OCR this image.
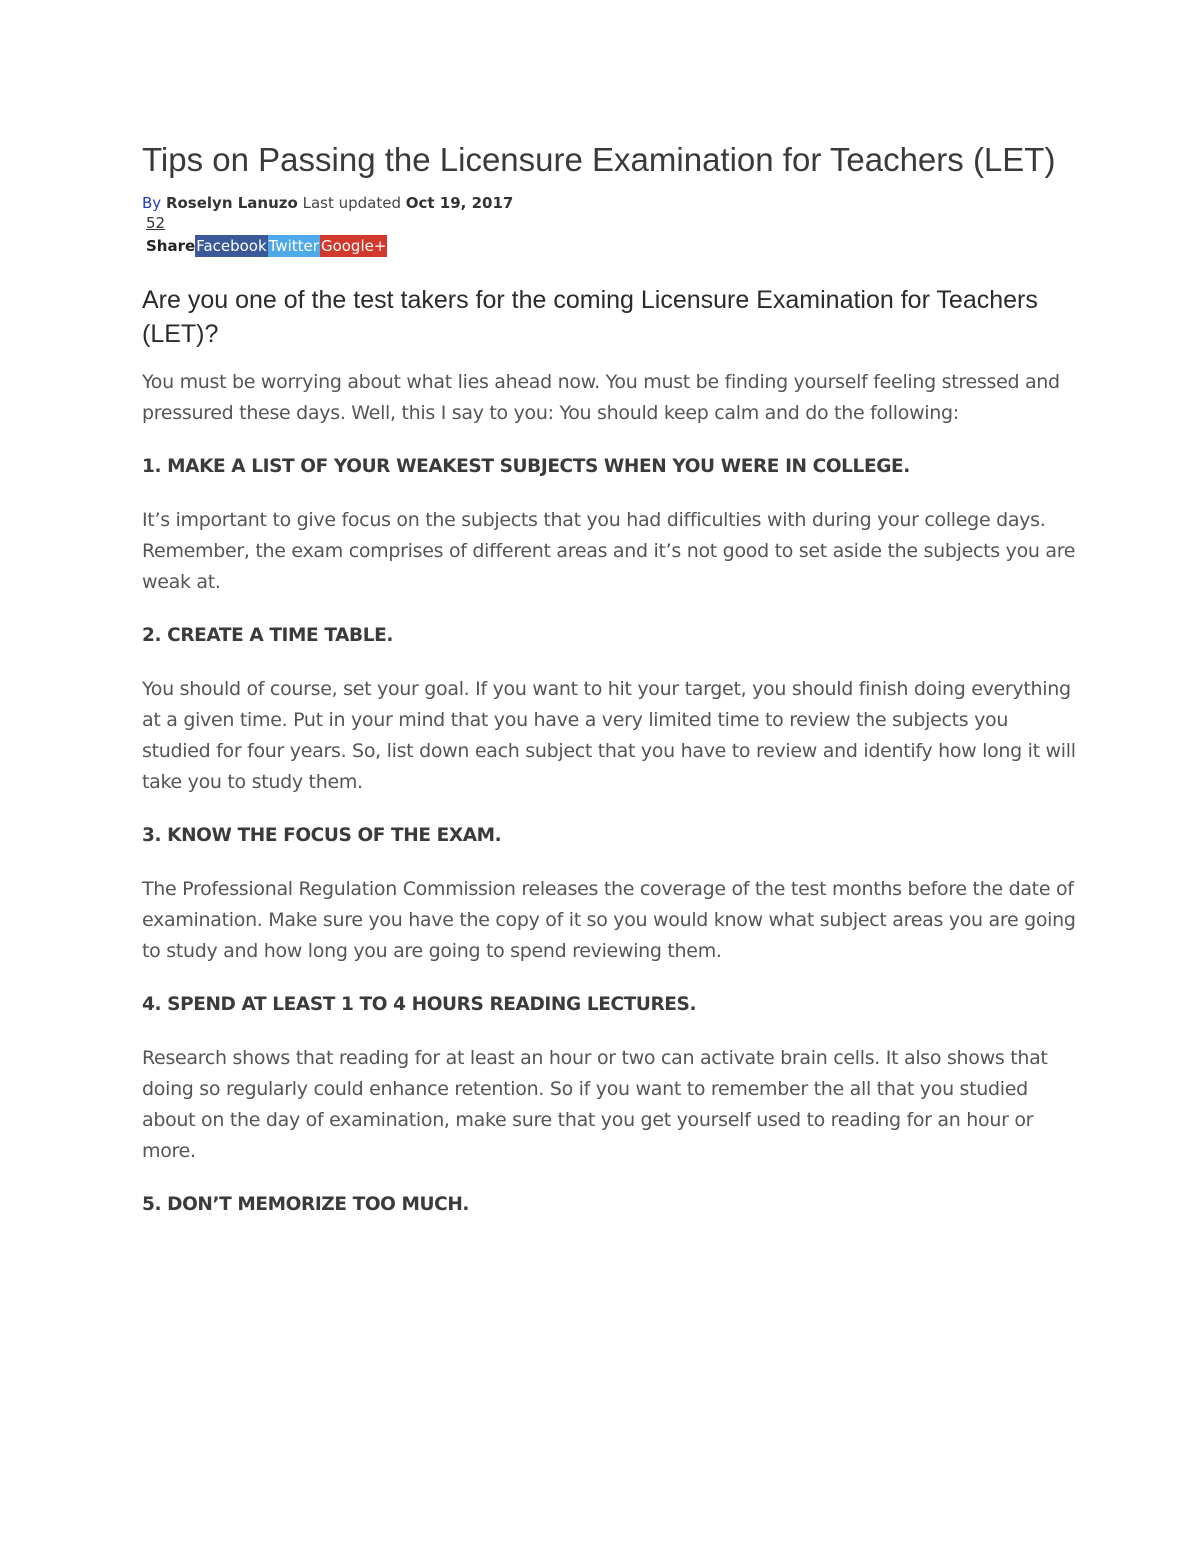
Tips on Passing the Licensure Examination for Teachers (LET)
By Roselyn Lanuzo Last updated Oct 19, 2017
52
Share Facebook Twitter Google+
Are you one of the test takers for the coming Licensure Examination for Teachers (LET)?

You must be worrying about what lies ahead now. You must be finding yourself feeling stressed and pressured these days. Well, this I say to you: You should keep calm and do the following:

1. MAKE A LIST OF YOUR WEAKEST SUBJECTS WHEN YOU WERE IN COLLEGE.

It’s important to give focus on the subjects that you had difficulties with during your college days. Remember, the exam comprises of different areas and it’s not good to set aside the subjects you are weak at.

2. CREATE A TIME TABLE.

You should of course, set your goal. If you want to hit your target, you should finish doing everything at a given time. Put in your mind that you have a very limited time to review the subjects you studied for four years. So, list down each subject that you have to review and identify how long it will take you to study them.

3. KNOW THE FOCUS OF THE EXAM.

The Professional Regulation Commission releases the coverage of the test months before the date of examination. Make sure you have the copy of it so you would know what subject areas you are going to study and how long you are going to spend reviewing them.

4. SPEND AT LEAST 1 TO 4 HOURS READING LECTURES.

Research shows that reading for at least an hour or two can activate brain cells. It also shows that doing so regularly could enhance retention. So if you want to remember the all that you studied about on the day of examination, make sure that you get yourself used to reading for an hour or more.

5. DON’T MEMORIZE TOO MUCH.
